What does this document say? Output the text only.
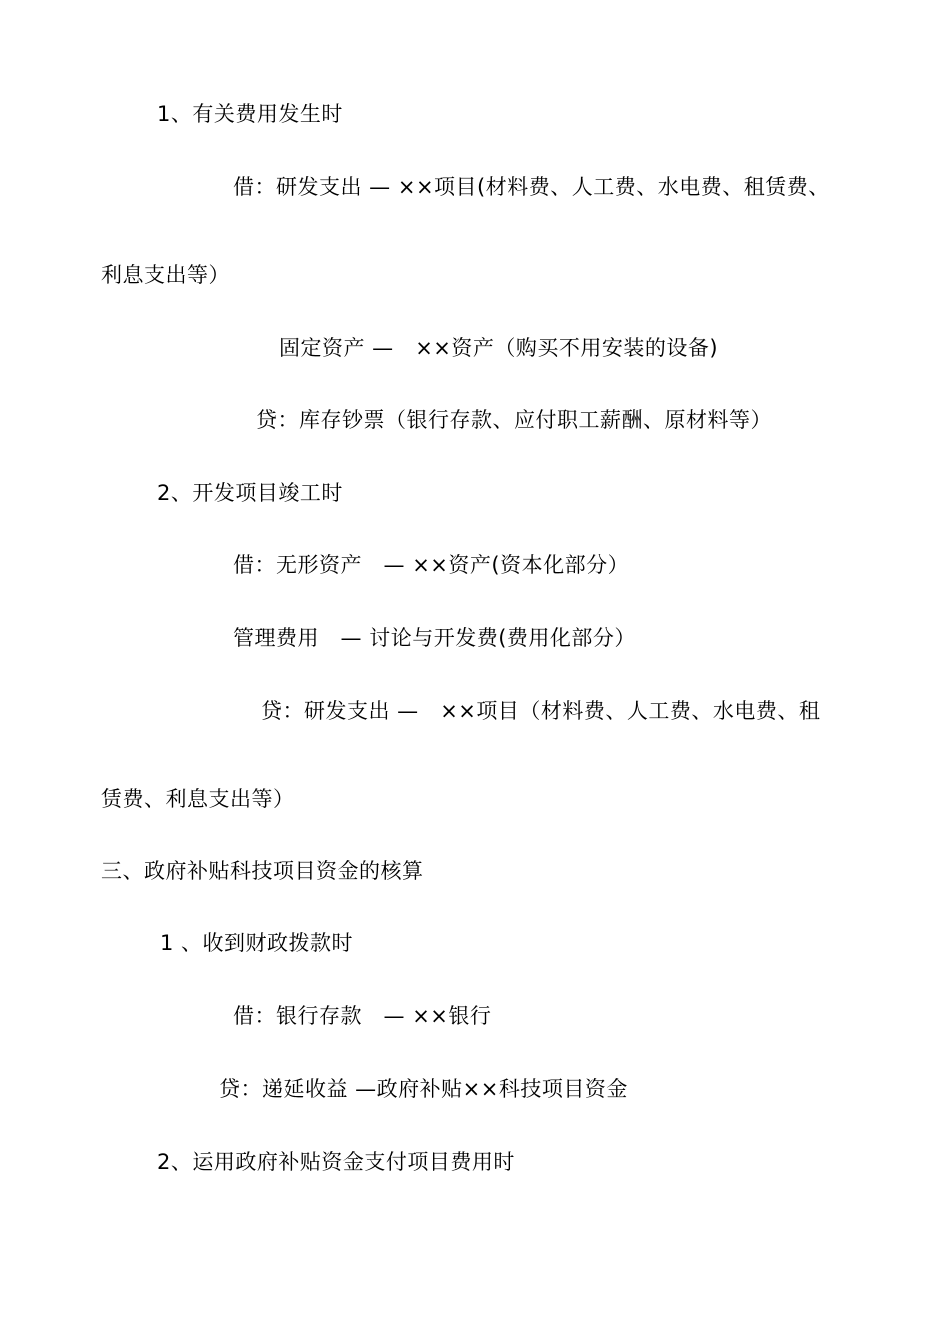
1、有关费用发生时
借：研发支出 — ××项目(材料费、人工费、水电费、租赁费、
利息支出等）
固定资产 —   ××资产（购买不用安装的设备)
贷：库存钞票（银行存款、应付职工薪酬、原材料等）
2、开发项目竣工时
借：无形资产   — ××资产(资本化部分）
管理费用   — 讨论与开发费(费用化部分）
贷：研发支出 —   ××项目（材料费、人工费、水电费、租
赁费、利息支出等）
三、政府补贴科技项目资金的核算
1 、收到财政拨款时
借：银行存款   — ××银行
贷：递延收益 —政府补贴××科技项目资金
2、运用政府补贴资金支付项目费用时
